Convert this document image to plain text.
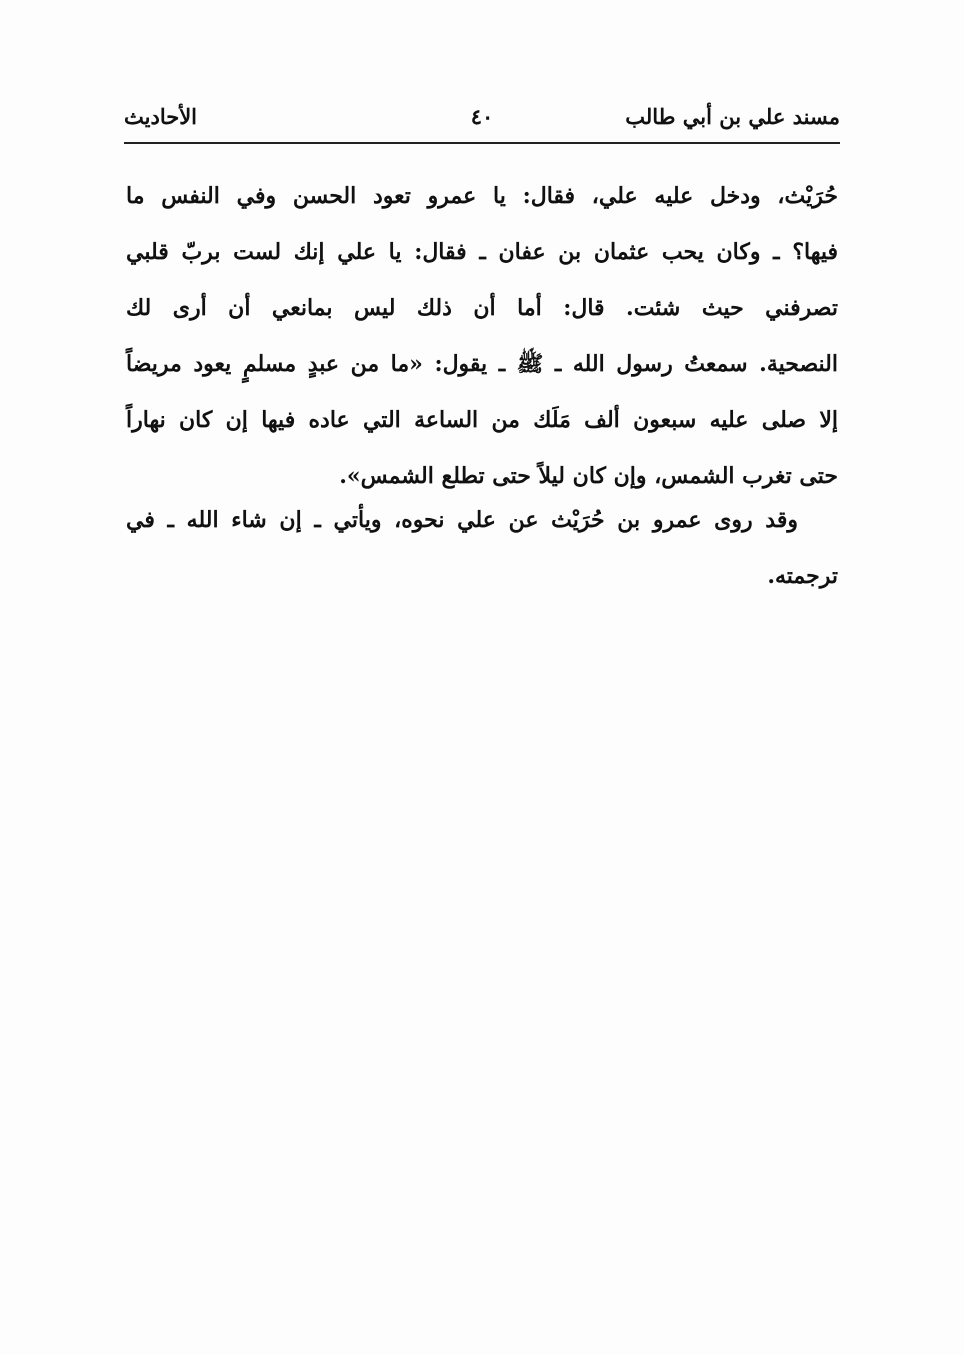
مسند علي بن أبي طالب
٤٠
الأحاديث
حُرَيْث، ودخل عليه علي، فقال: يا عمرو تعود الحسن وفي النفس ما
فيها؟ ـ وكان يحب عثمان بن عفان ـ فقال: يا علي إنك لست بربّ قلبي
تصرفني حيث شئت. قال: أما أن ذلك ليس بمانعي أن أرى لك
النصحية. سمعتُ رسول الله ـ ﷺ ـ يقول: «ما من عبدٍ مسلمٍ يعود مريضاً
إلا صلى عليه سبعون ألف مَلَك من الساعة التي عاده فيها إن كان نهاراً
حتى تغرب الشمس، وإن كان ليلاً حتى تطلع الشمس».
وقد روى عمرو بن حُرَيْث عن علي نحوه، ويأتي ـ إن شاء الله ـ في
ترجمته.
